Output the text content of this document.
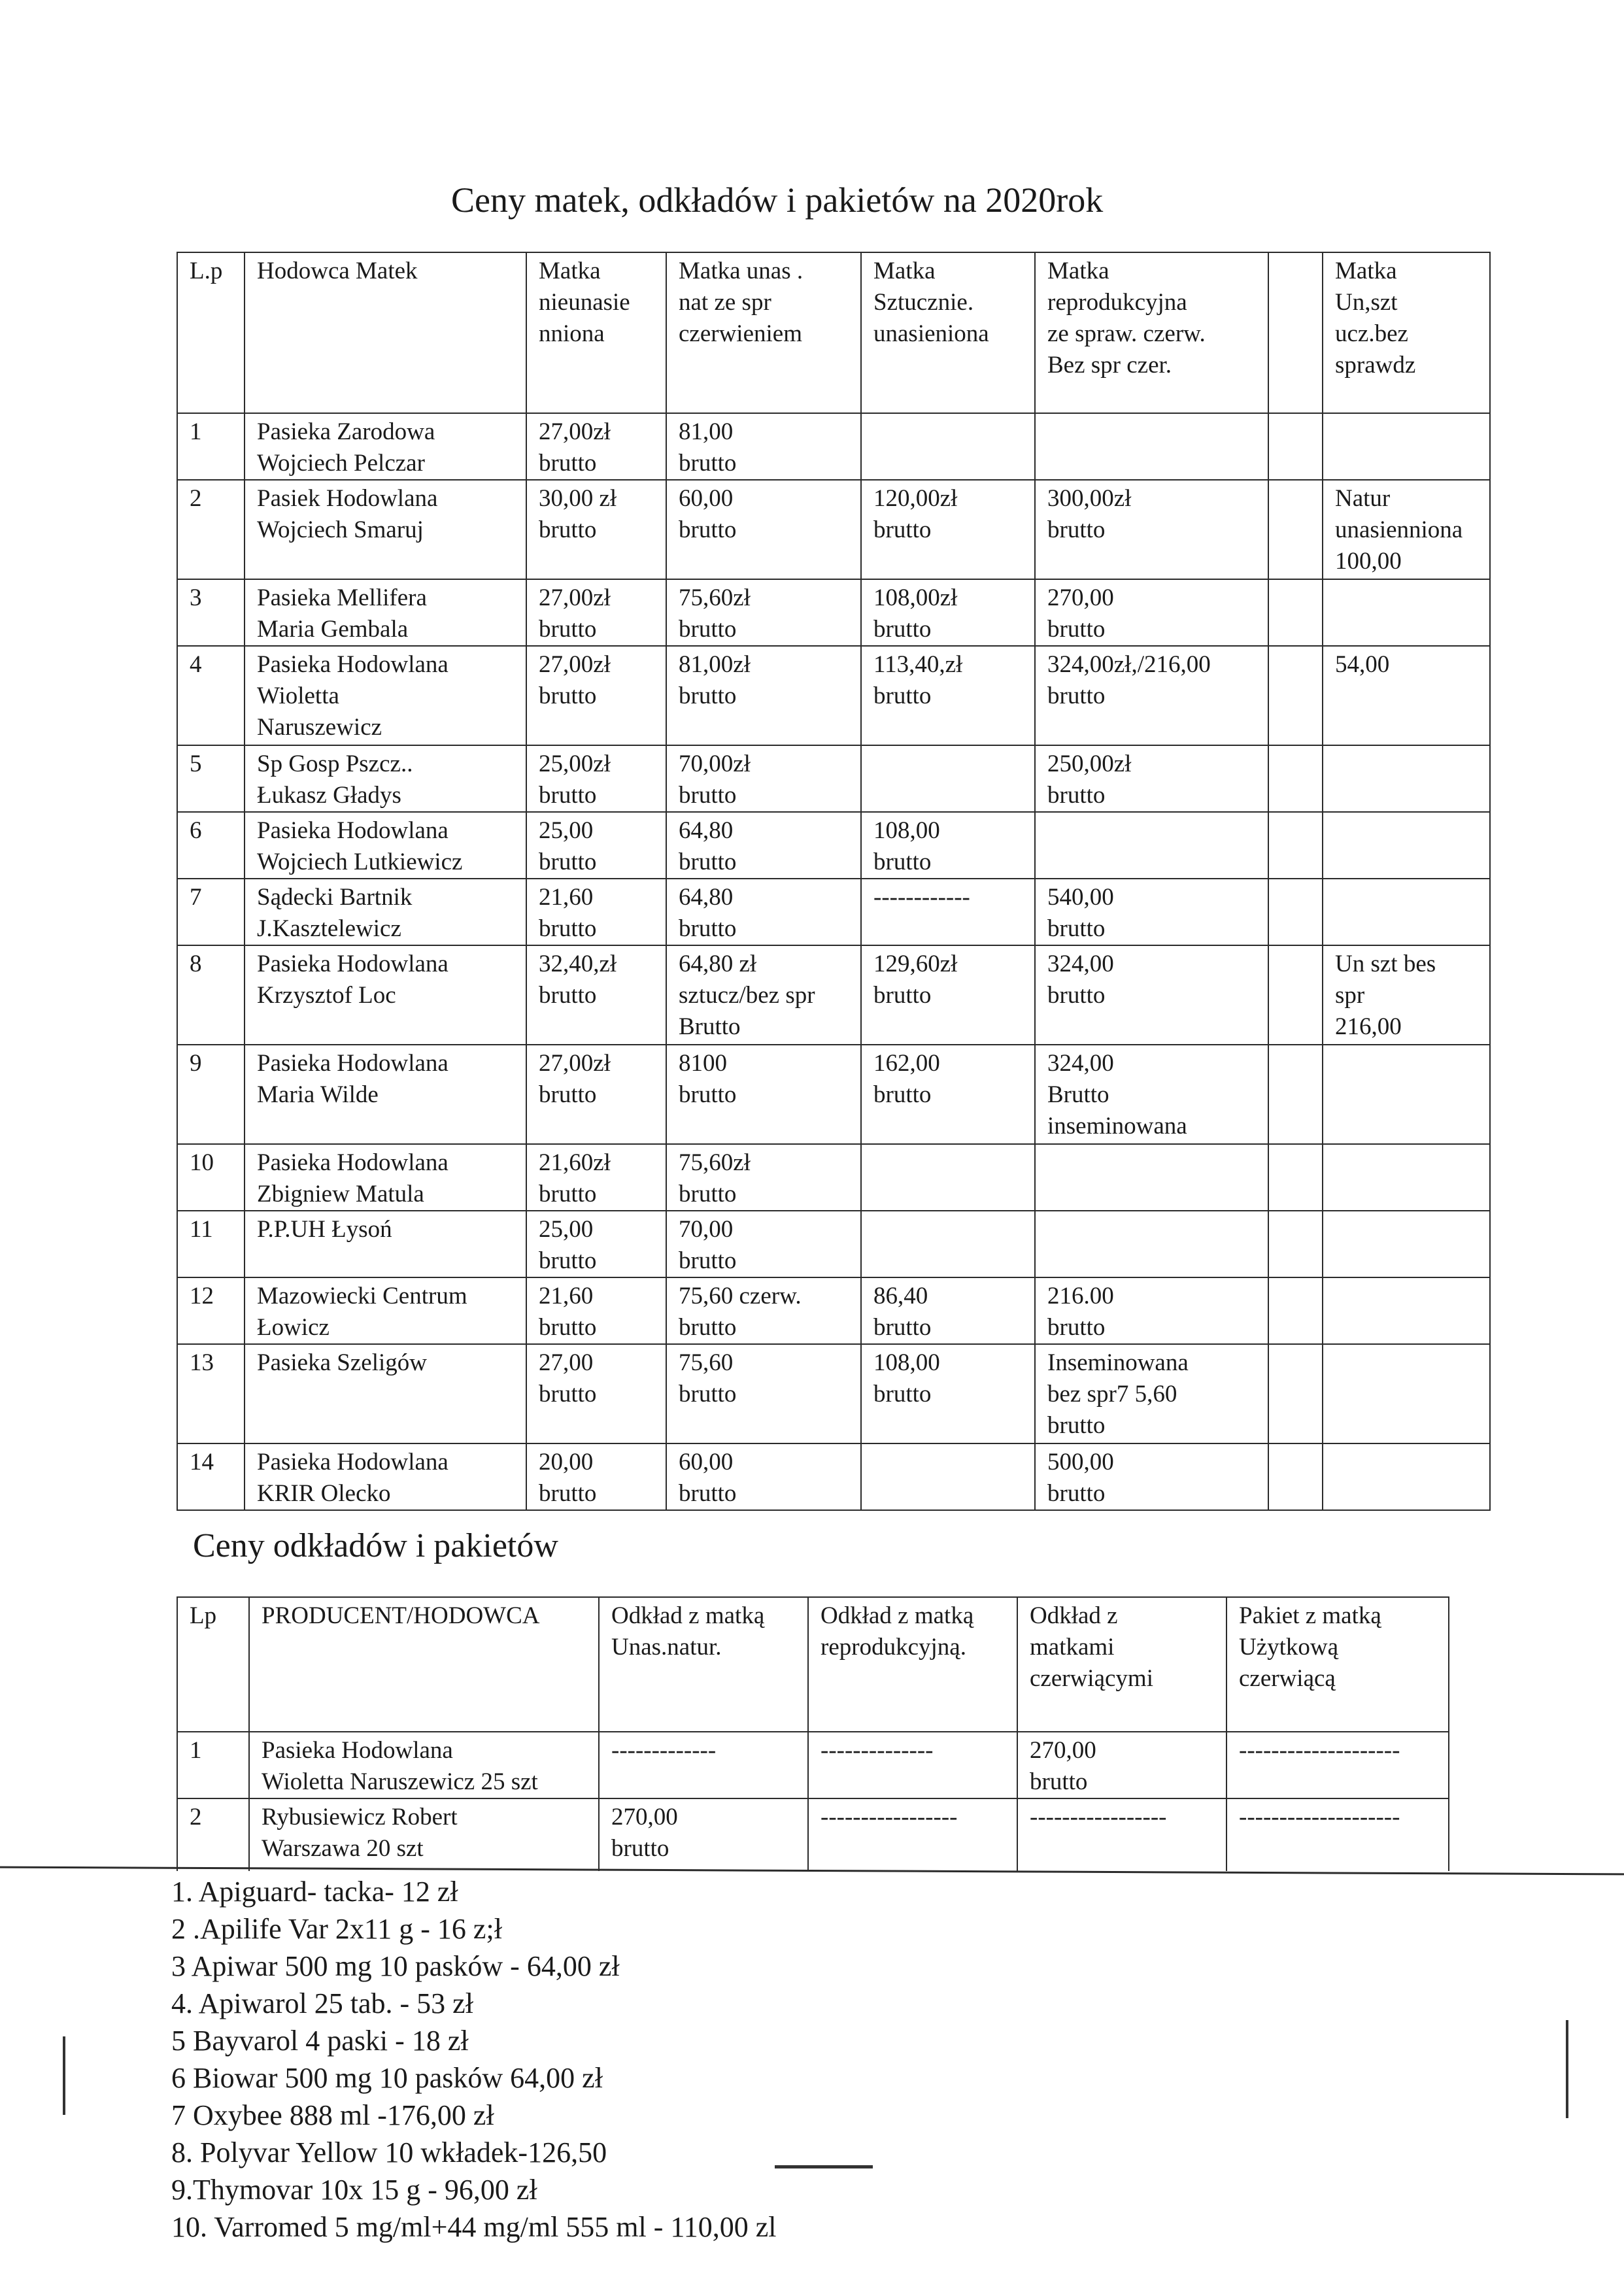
Ceny matek, odkładów i pakietów na 2020rok
L.p	Hodowca Matek	Matka
nieunasie
nniona	Matka unas .
nat ze spr
czerwieniem	Matka
Sztucznie.
unasieniona	Matka
reprodukcyjna
ze spraw. czerw.
Bez spr czer.		Matka
Un,szt
ucz.bez
sprawdz

1	Pasieka Zarodowa
Wojciech Pelczar	27,00zł
brutto	81,00
brutto				

2	Pasiek Hodowlana
Wojciech Smaruj	30,00 zł
brutto	60,00
brutto	120,00zł
brutto	300,00zł
brutto		Natur
unasienniona
100,00

3	Pasieka Mellifera
Maria Gembala	27,00zł
brutto	75,60zł
brutto	108,00zł
brutto	270,00
brutto		

4	Pasieka Hodowlana
Wioletta
Naruszewicz	27,00zł
brutto	81,00zł
brutto	113,40,zł
brutto	324,00zł,/216,00
brutto		54,00

5	Sp Gosp Pszcz..
Łukasz Gładys	25,00zł
brutto	70,00zł
brutto		250,00zł
brutto		

6	Pasieka Hodowlana
Wojciech Lutkiewicz	25,00
brutto	64,80
brutto	108,00
brutto			

7	Sądecki Bartnik
J.Kasztelewicz	21,60
brutto	64,80
brutto	------------	540,00
brutto		

8	Pasieka Hodowlana
Krzysztof Loc	32,40,zł
brutto	64,80 zł
sztucz/bez spr
Brutto	129,60zł
brutto	324,00
brutto		Un szt bes
spr
216,00

9	Pasieka Hodowlana
Maria Wilde	27,00zł
brutto	8100
brutto	162,00
brutto	324,00
Brutto
inseminowana		

10	Pasieka Hodowlana
Zbigniew Matula	21,60zł
brutto	75,60zł
brutto				

11	P.P.UH Łysoń	25,00
brutto	70,00
brutto				

12	Mazowiecki Centrum
Łowicz	21,60
brutto	75,60 czerw.
brutto	86,40
brutto	216.00
brutto		

13	Pasieka Szeligów	27,00
brutto	75,60
brutto	108,00
brutto	Inseminowana
bez spr7 5,60
brutto		

14	Pasieka Hodowlana
KRIR Olecko	20,00
brutto	60,00
brutto		500,00
brutto		

Ceny odkładów i pakietów
Lp	PRODUCENT/HODOWCA	Odkład z matką
Unas.natur.	Odkład z matką
reprodukcyjną.	Odkład z
matkami
czerwiącymi	Pakiet z matką
Użytkową
czerwiącą

1	Pasieka Hodowlana
Wioletta Naruszewicz 25 szt	-------------	--------------	270,00
brutto	--------------------

2	Rybusiewicz Robert
Warszawa 20 szt	270,00
brutto	-----------------	-----------------	--------------------
1. Apiguard- tacka- 12 zł
2 .Apilife Var 2x11 g - 16 z;ł
3 Apiwar 500 mg 10 pasków - 64,00 zł
4. Apiwarol 25 tab. - 53 zł
5 Bayvarol 4 paski - 18 zł
6 Biowar 500 mg 10 pasków 64,00 zł
7 Oxybee 888 ml -176,00 zł
8. Polyvar Yellow 10 wkładek-126,50
9.Thymovar 10x 15 g - 96,00 zł
10. Varromed 5 mg/ml+44 mg/ml 555 ml - 110,00 zl
